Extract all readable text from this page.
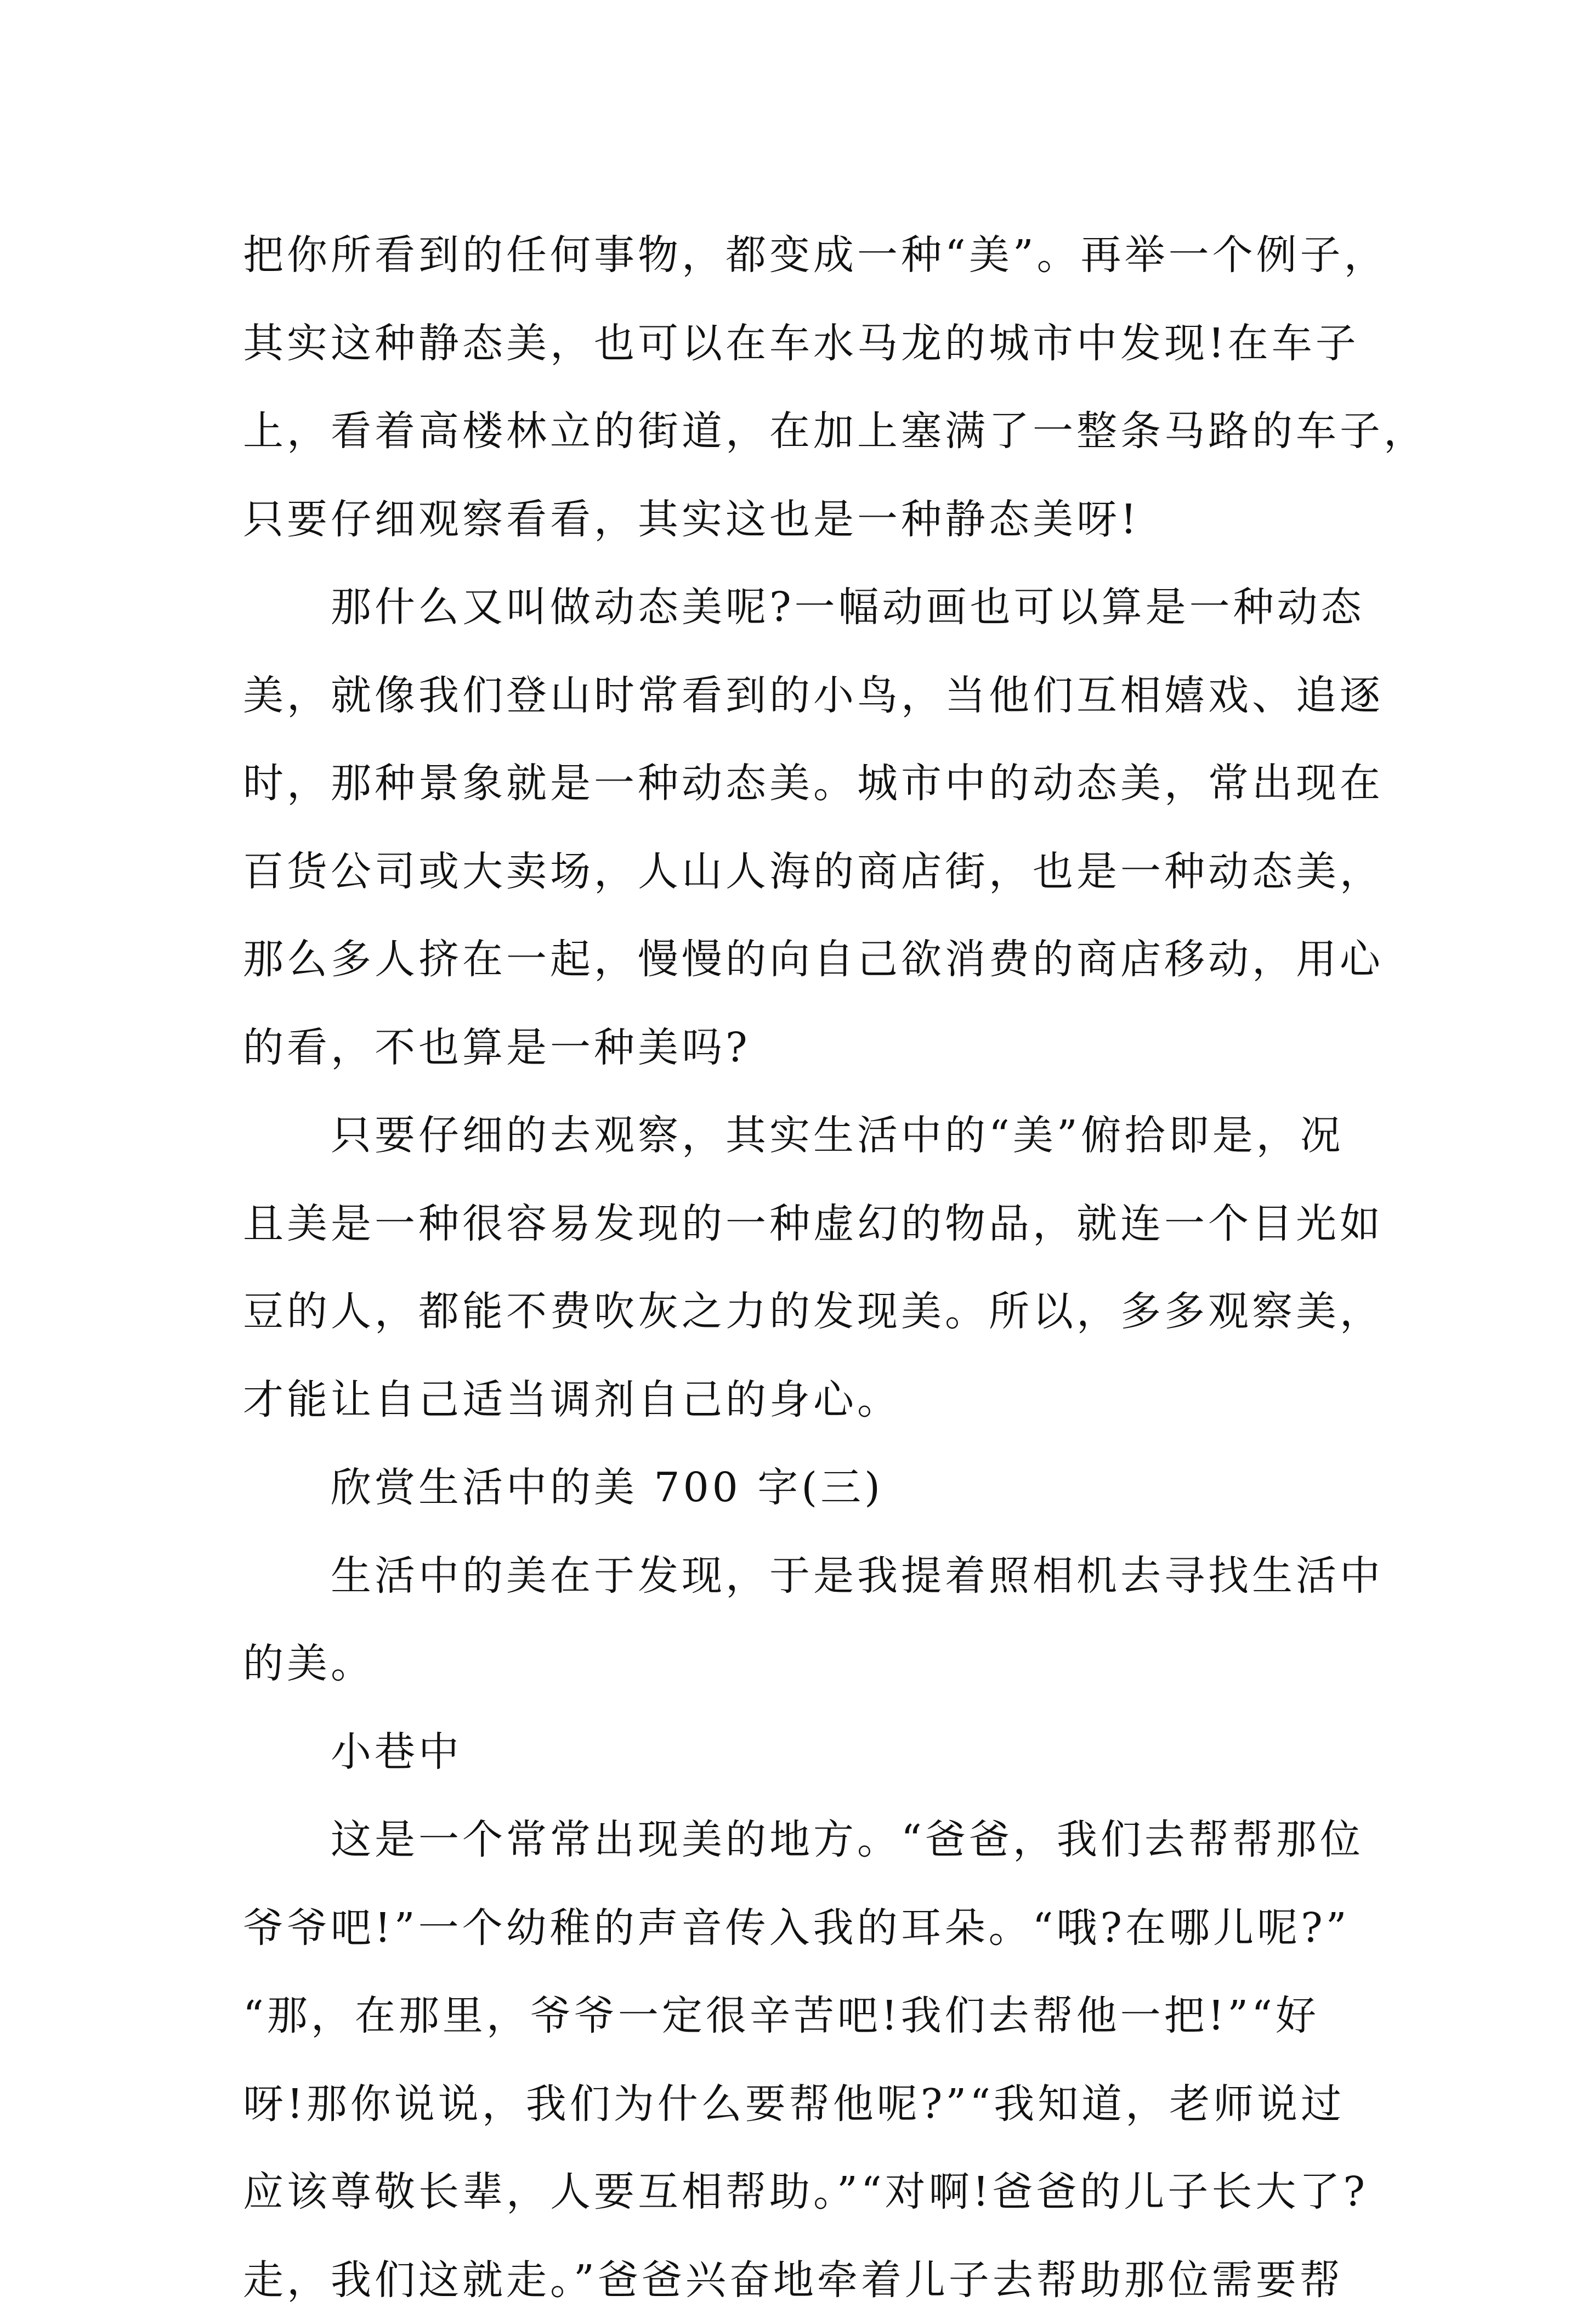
把你所看到的任何事物，都变成一种“美”。再举一个例子，
其实这种静态美，也可以在车水马龙的城市中发现!在车子
上，看着高楼林立的街道，在加上塞满了一整条马路的车子，
只要仔细观察看看，其实这也是一种静态美呀!
那什么又叫做动态美呢?一幅动画也可以算是一种动态
美，就像我们登山时常看到的小鸟，当他们互相嬉戏、追逐
时，那种景象就是一种动态美。城市中的动态美，常出现在
百货公司或大卖场，人山人海的商店街，也是一种动态美，
那么多人挤在一起，慢慢的向自己欲消费的商店移动，用心
的看，不也算是一种美吗?
只要仔细的去观察，其实生活中的“美”俯拾即是，况
且美是一种很容易发现的一种虚幻的物品，就连一个目光如
豆的人，都能不费吹灰之力的发现美。所以，多多观察美，
才能让自己适当调剂自己的身心。
欣赏生活中的美 700 字(三)
生活中的美在于发现，于是我提着照相机去寻找生活中
的美。
小巷中
这是一个常常出现美的地方。“爸爸，我们去帮帮那位
爷爷吧!”一个幼稚的声音传入我的耳朵。“哦?在哪儿呢?”
“那，在那里，爷爷一定很辛苦吧!我们去帮他一把!”“好
呀!那你说说，我们为什么要帮他呢?”“我知道，老师说过
应该尊敬长辈，人要互相帮助。”“对啊!爸爸的儿子长大了?
走，我们这就走。”爸爸兴奋地牵着儿子去帮助那位需要帮
